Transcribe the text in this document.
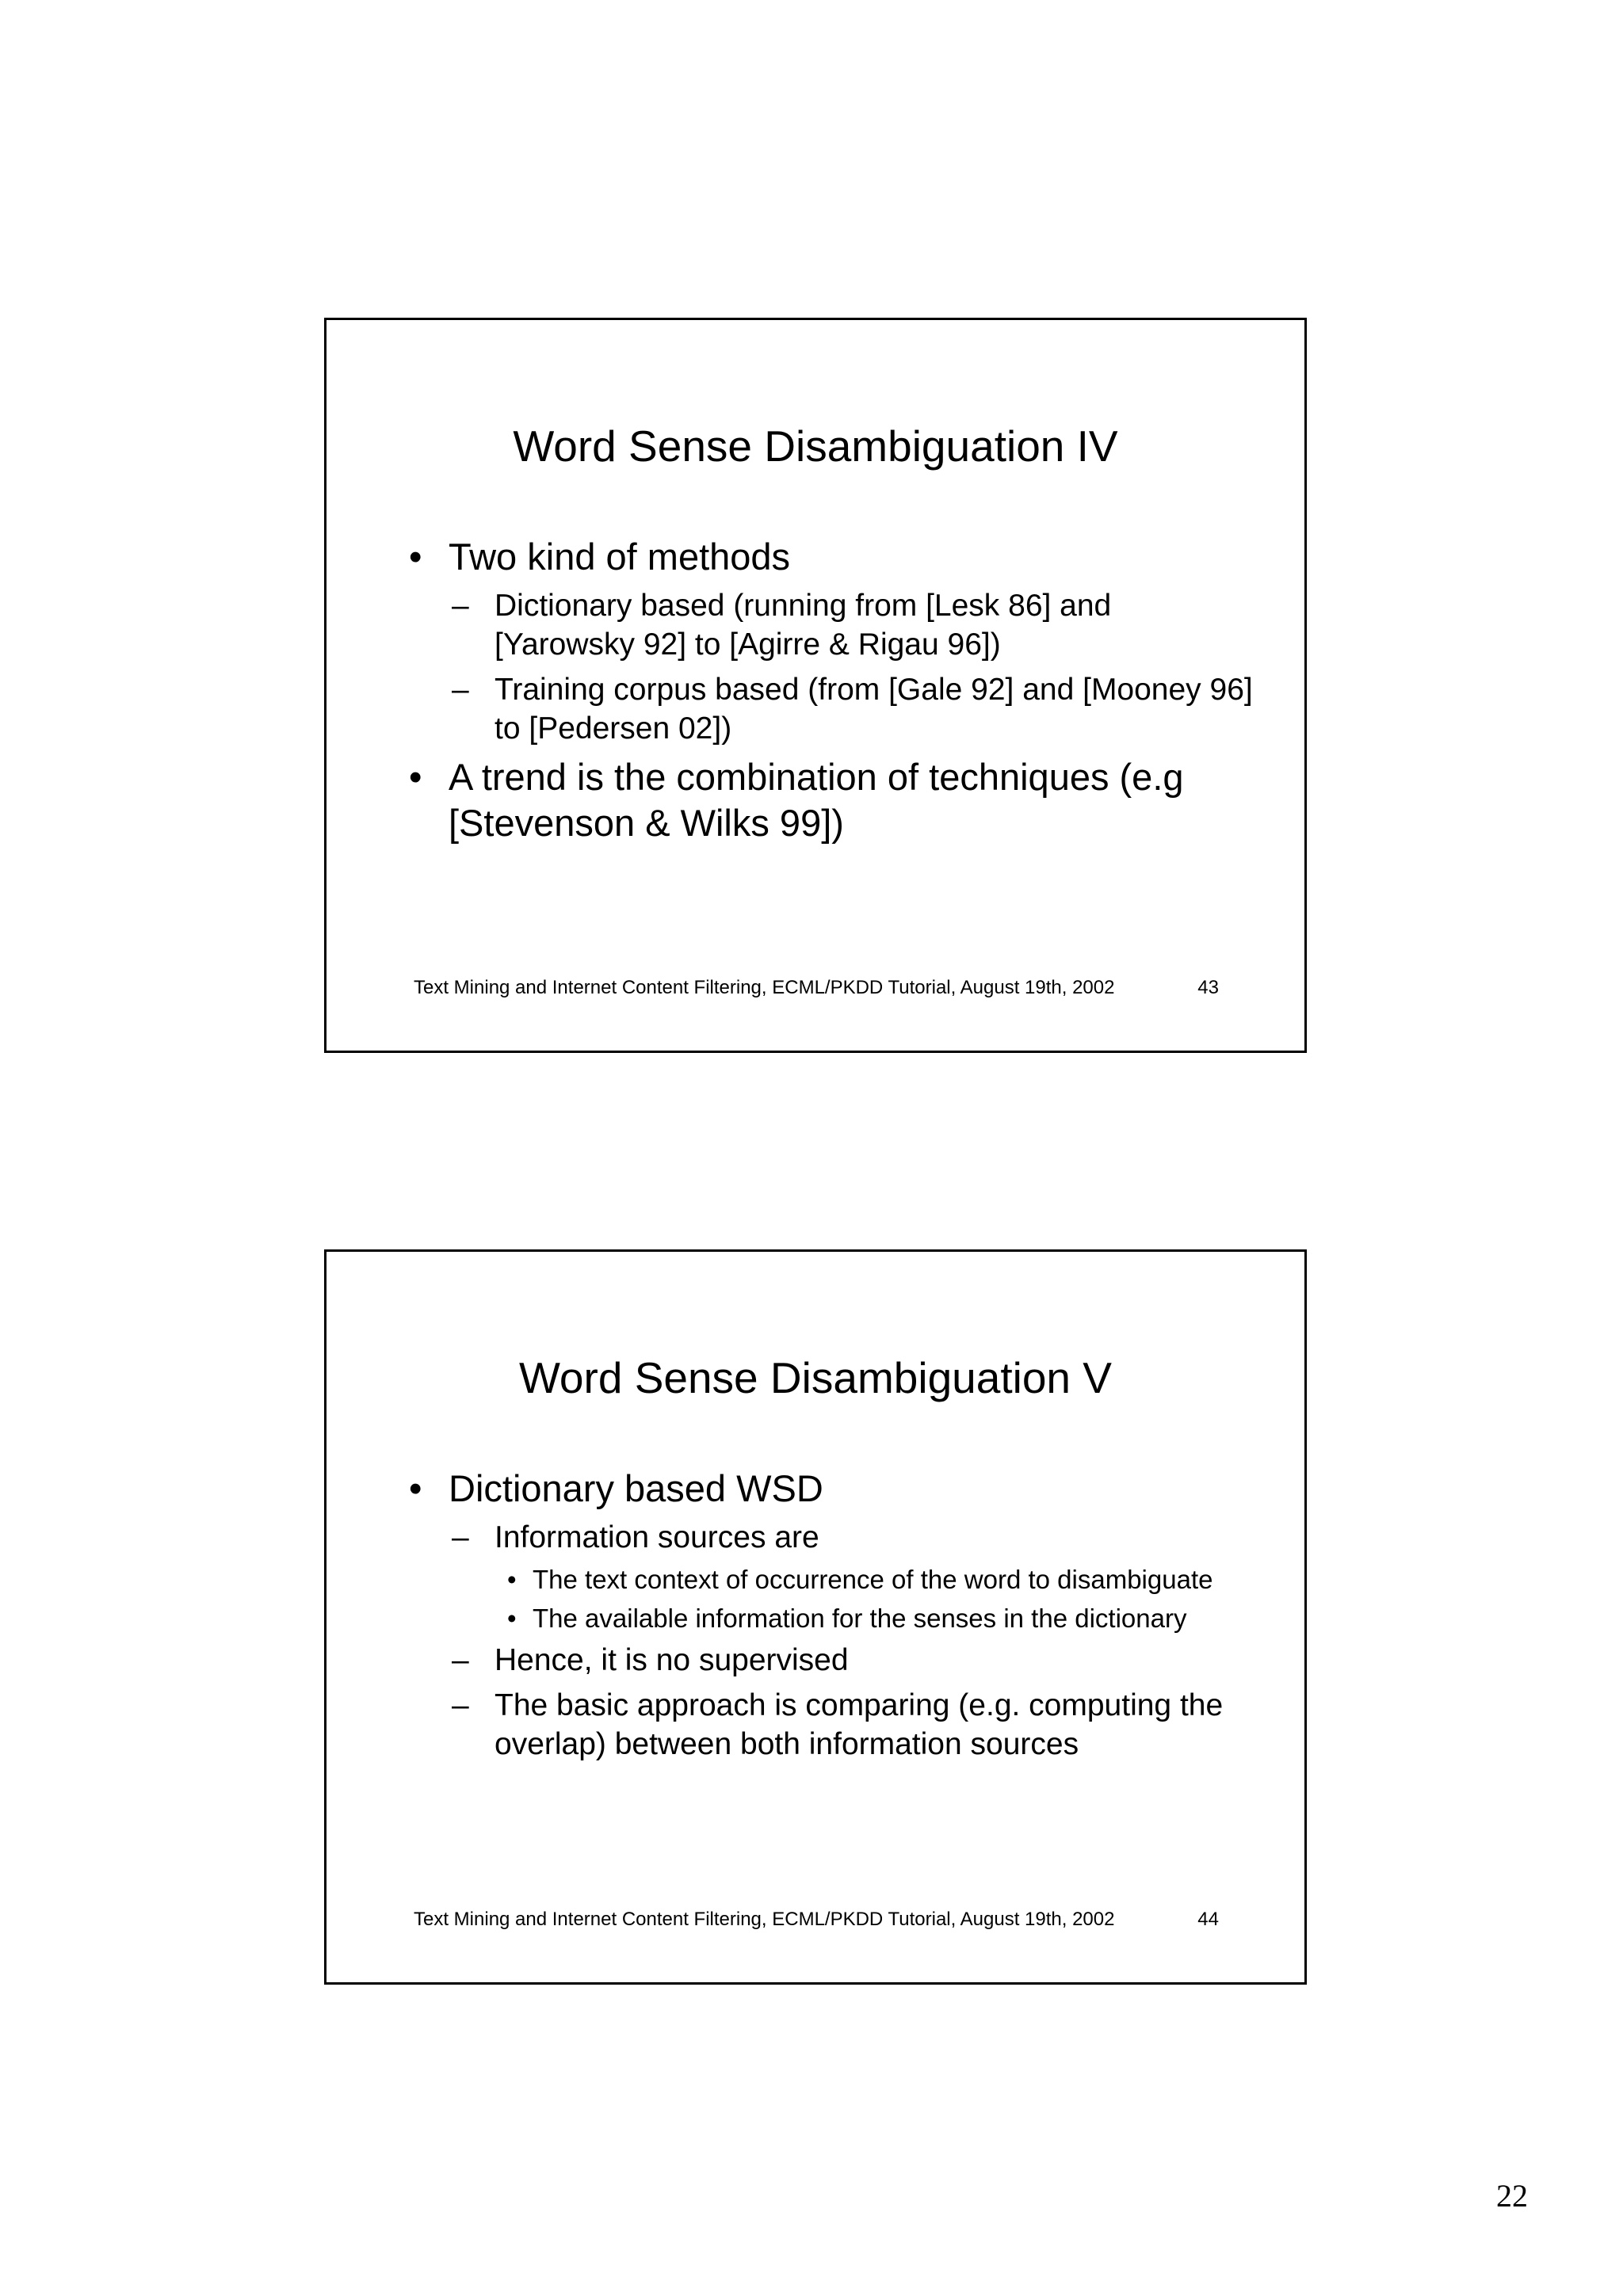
Word Sense Disambiguation IV
• Two kind of methods
– Dictionary based (running from [Lesk 86] and [Yarowsky 92] to [Agirre & Rigau 96])
– Training corpus based (from [Gale 92] and [Mooney 96] to [Pedersen 02])
• A trend is the combination of techniques (e.g [Stevenson & Wilks 99])
Text Mining and Internet Content Filtering, ECML/PKDD Tutorial, August 19th, 2002	43
Word Sense Disambiguation V
• Dictionary based WSD
– Information sources are
• The text context of occurrence of the word to disambiguate
• The available information for the senses in the dictionary
– Hence, it is no supervised
– The basic approach is comparing (e.g. computing the overlap) between both information sources
Text Mining and Internet Content Filtering, ECML/PKDD Tutorial, August 19th, 2002	44
22
